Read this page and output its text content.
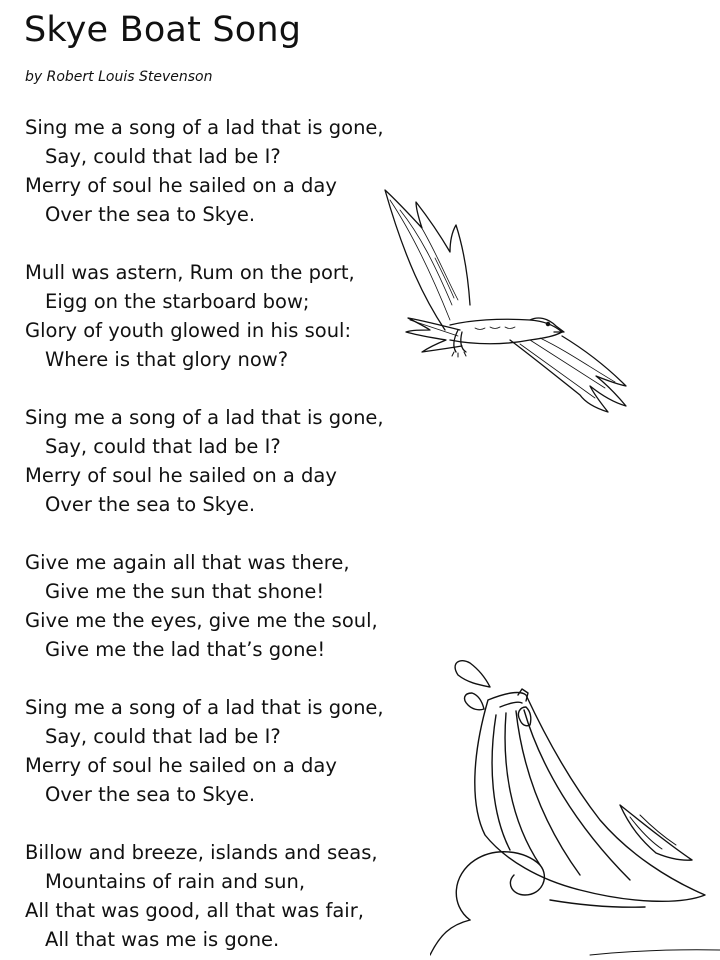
Skye Boat Song
by Robert Louis Stevenson
Sing me a song of a lad that is gone,
Say, could that lad be I?
Merry of soul he sailed on a day
Over the sea to Skye.
Mull was astern, Rum on the port,
Eigg on the starboard bow;
Glory of youth glowed in his soul:
Where is that glory now?
Sing me a song of a lad that is gone,
Say, could that lad be I?
Merry of soul he sailed on a day
Over the sea to Skye.
Give me again all that was there,
Give me the sun that shone!
Give me the eyes, give me the soul,
Give me the lad that’s gone!
Sing me a song of a lad that is gone,
Say, could that lad be I?
Merry of soul he sailed on a day
Over the sea to Skye.
Billow and breeze, islands and seas,
Mountains of rain and sun,
All that was good, all that was fair,
All that was me is gone.
